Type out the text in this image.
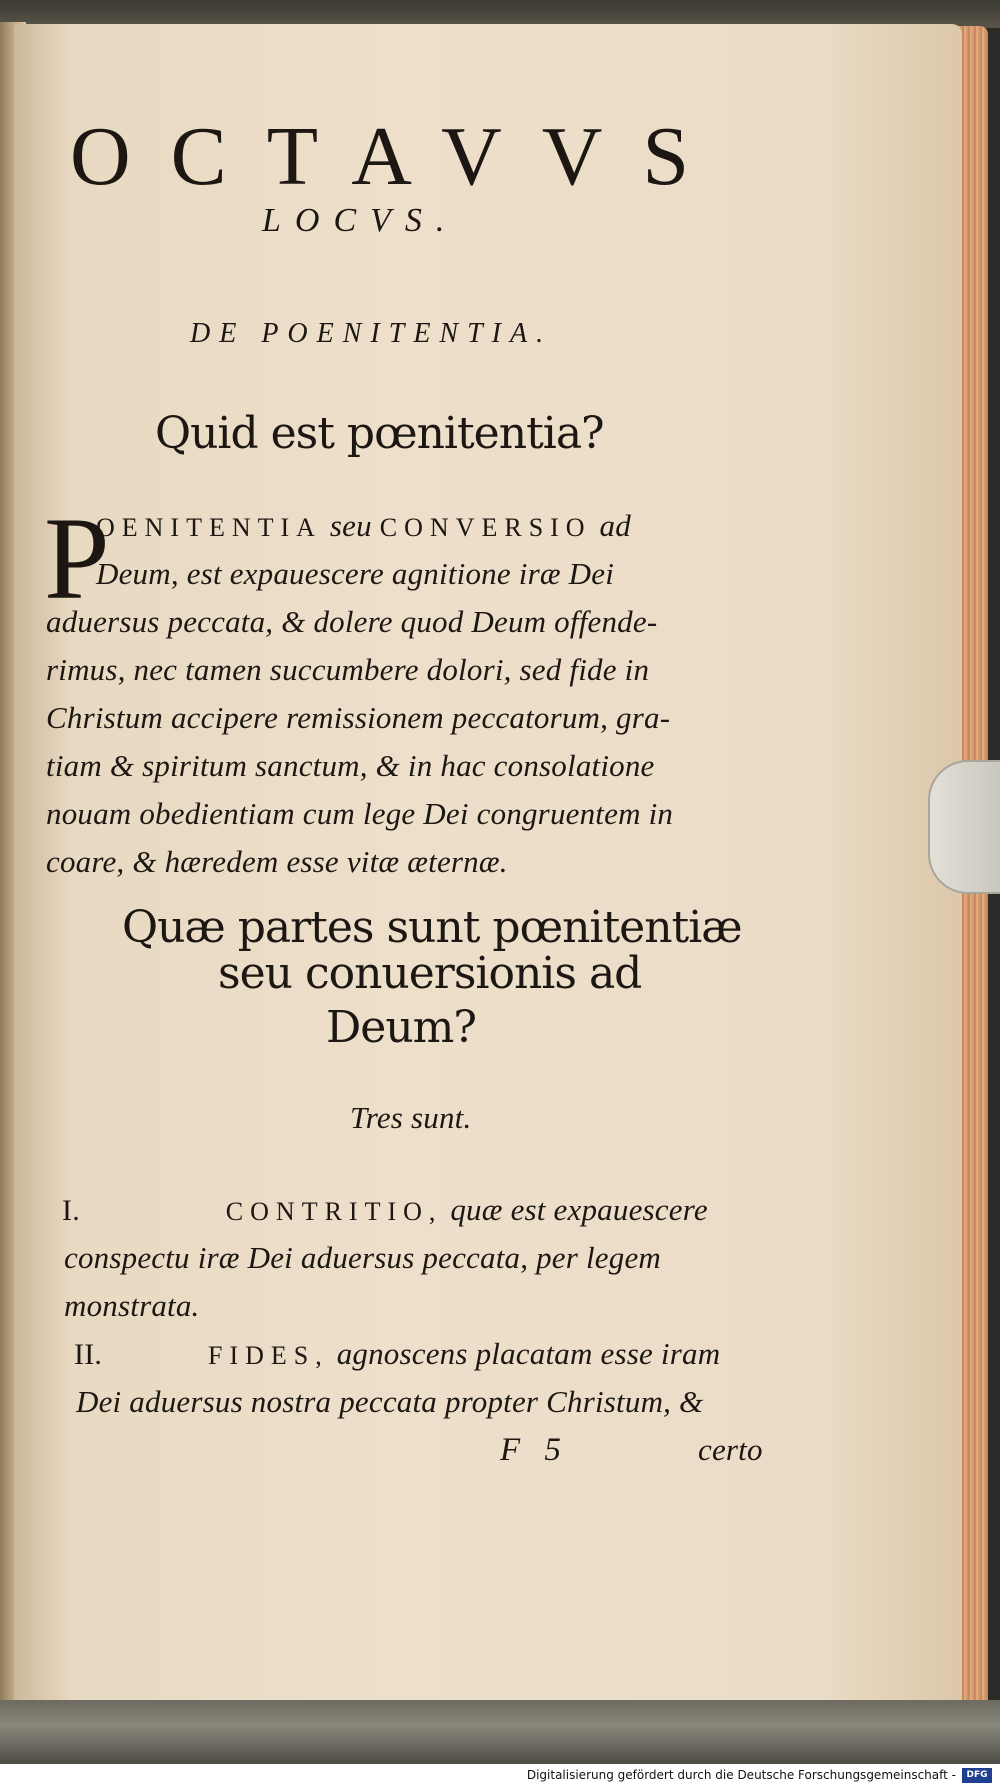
OCTAVVS
LOCVS.
DE POENITENTIA.
Quid est pœnitentia?
P
OENITENTIA seu CONVERSIO ad
Deum, est expauescere agnitione iræ Dei
aduersus peccata, & dolere quod Deum offende-
rimus, nec tamen succumbere dolori, sed fide in
Christum accipere remissionem peccatorum, gra-
tiam & spiritum sanctum, & in hac consolatione
nouam obedientiam cum lege Dei congruentem in
coare, & hæredem esse vitæ æternæ.
Quæ partes sunt pœnitentiæ
seu conuersionis ad
Deum?
Tres sunt.
I.	CONTRITIO, quæ est expauescere
conspectu iræ Dei aduersus peccata, per legem
monstrata.
II.	FIDES, agnoscens placatam esse iram
Dei aduersus nostra peccata propter Christum, &
F 5	certo
Digitalisierung gefördert durch die Deutsche Forschungsgemeinschaft -	DFG
